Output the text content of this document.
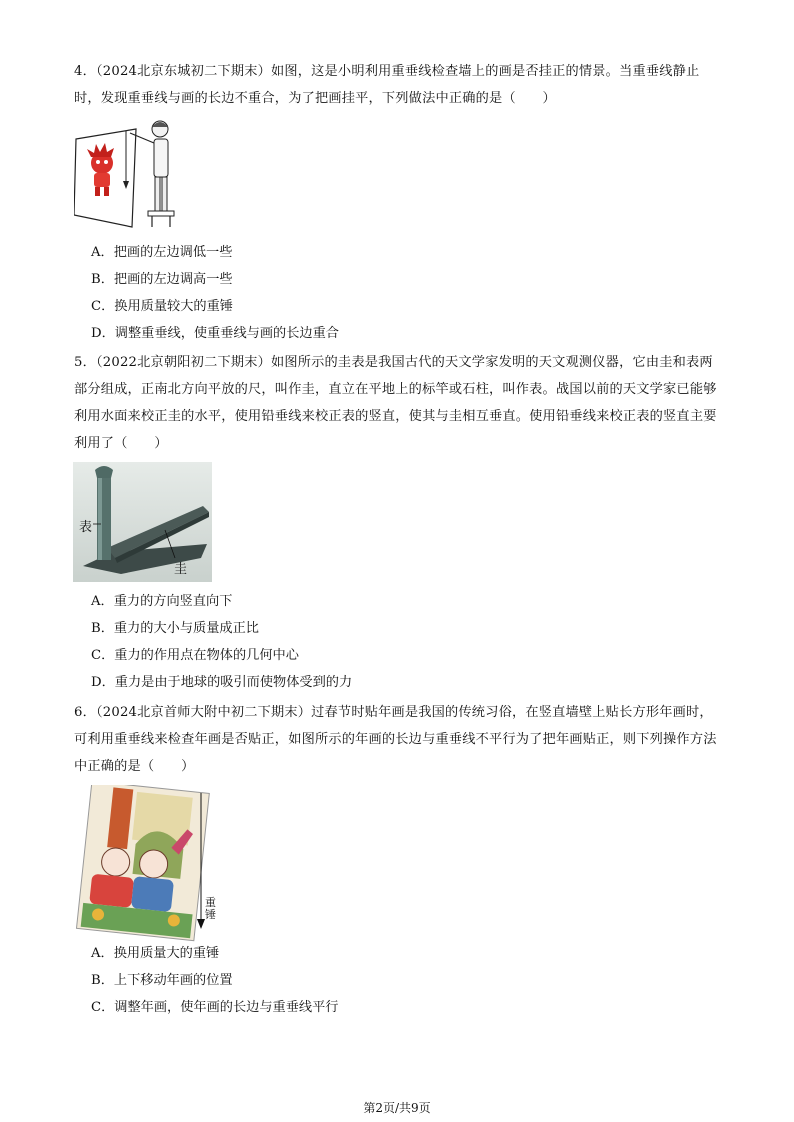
4．（2024北京东城初二下期末）如图，这是小明利用重垂线检查墙上的画是否挂正的情景。当重垂线静止时，发现重垂线与画的长边不重合，为了把画挂平，下列做法中正确的是（　　）

A．把画的左边调低一些

B．把画的左边调高一些

C．换用质量较大的重锤

D．调整重垂线，使重垂线与画的长边重合

5．（2022北京朝阳初二下期末）如图所示的圭表是我国古代的天文学家发明的天文观测仪器，它由圭和表两部分组成，正南北方向平放的尺，叫作圭，直立在平地上的标竿或石柱，叫作表。战国以前的天文学家已能够利用水面来校正圭的水平，使用铅垂线来校正表的竖直，使其与圭相互垂直。使用铅垂线来校正表的竖直主要利用了（　　）

表
圭

A．重力的方向竖直向下

B．重力的大小与质量成正比

C．重力的作用点在物体的几何中心

D．重力是由于地球的吸引而使物体受到的力

6．（2024北京首师大附中初二下期末）过春节时贴年画是我国的传统习俗，在竖直墙壁上贴长方形年画时，可利用重垂线来检查年画是否贴正，如图所示的年画的长边与重垂线不平行为了把年画贴正，则下列操作方法中正确的是（　　）

重锤

A．换用质量大的重锤

B．上下移动年画的位置

C．调整年画，使年画的长边与重垂线平行

第2页/共9页
